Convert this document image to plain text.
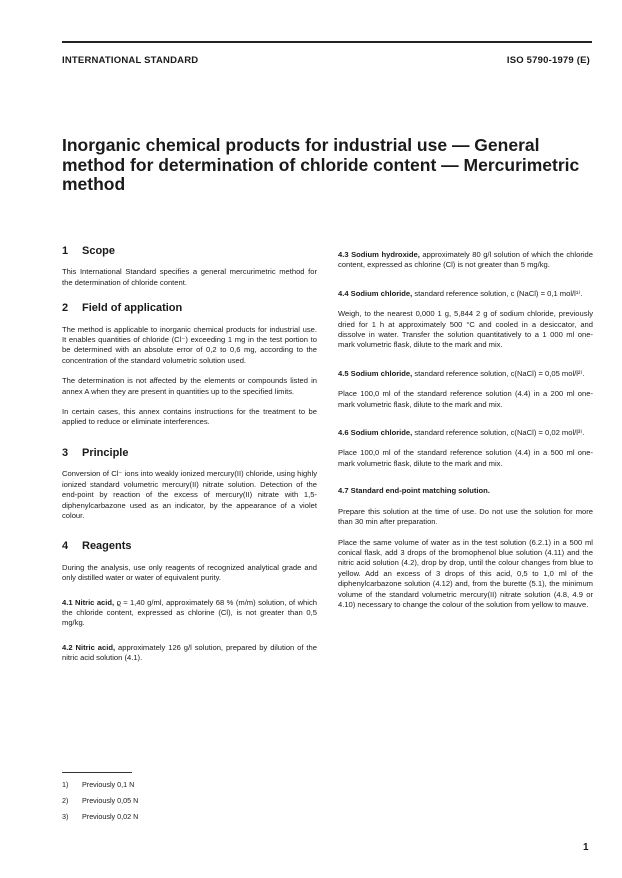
INTERNATIONAL STANDARD	ISO 5790-1979 (E)
Inorganic chemical products for industrial use — General method for determination of chloride content — Mercurimetric method
1 Scope

This International Standard specifies a general mercurimetric method for the determination of chloride content.

2 Field of application

The method is applicable to inorganic chemical products for industrial use. It enables quantities of chloride (Cl⁻) exceeding 1 mg in the test portion to be determined with an absolute error of 0,2 to 0,6 mg, according to the concentration of the standard volumetric solution used.

The determination is not affected by the elements or compounds listed in annex A when they are present in quantities up to the specified limits.

In certain cases, this annex contains instructions for the treatment to be applied to reduce or eliminate interferences.

3 Principle

Conversion of Cl⁻ ions into weakly ionized mercury(II) chloride, using highly ionized standard volumetric mercury(II) nitrate solution. Detection of the end-point by reaction of the excess of mercury(II) nitrate with 1,5-diphenylcarbazone used as an indicator, by the appearance of a violet colour.

4 Reagents

During the analysis, use only reagents of recognized analytical grade and only distilled water or water of equivalent purity.

4.1 Nitric acid, ϱ ≈ 1,40 g/ml, approximately 68 % (m/m) solution, of which the chloride content, expressed as chlorine (Cl), is not greater than 0,5 mg/kg.

4.2 Nitric acid, approximately 126 g/l solution, prepared by dilution of the nitric acid solution (4.1).

4.3 Sodium hydroxide, approximately 80 g/l solution of which the chloride content, expressed as chlorine (Cl) is not greater than 5 mg/kg.

4.4 Sodium chloride, standard reference solution, c (NaCl) = 0,1 mol/l¹⁾.

Weigh, to the nearest 0,000 1 g, 5,844 2 g of sodium chloride, previously dried for 1 h at approximately 500 °C and cooled in a desiccator, and dissolve in water. Transfer the solution quantitatively to a 1 000 ml one-mark volumetric flask, dilute to the mark and mix.

4.5 Sodium chloride, standard reference solution, c(NaCl) = 0,05 mol/l²⁾.

Place 100,0 ml of the standard reference solution (4.4) in a 200 ml one-mark volumetric flask, dilute to the mark and mix.

4.6 Sodium chloride, standard reference solution, c(NaCl) = 0,02 mol/l³⁾.

Place 100,0 ml of the standard reference solution (4.4) in a 500 ml one-mark volumetric flask, dilute to the mark and mix.

4.7 Standard end-point matching solution.

Prepare this solution at the time of use. Do not use the solution for more than 30 min after preparation.

Place the same volume of water as in the test solution (6.2.1) in a 500 ml conical flask, add 3 drops of the bromophenol blue solution (4.11) and the nitric acid solution (4.2), drop by drop, until the colour changes from blue to yellow. Add an excess of 3 drops of this acid, 0,5 to 1,0 ml of the diphenylcarbazone solution (4.12) and, from the burette (5.1), the minimum volume of the standard volumetric mercury(II) nitrate solution (4.8, 4.9 or 4.10) necessary to change the colour of the solution from yellow to mauve.

1) Previously 0,1 N
2) Previously 0,05 N
3) Previously 0,02 N
1
